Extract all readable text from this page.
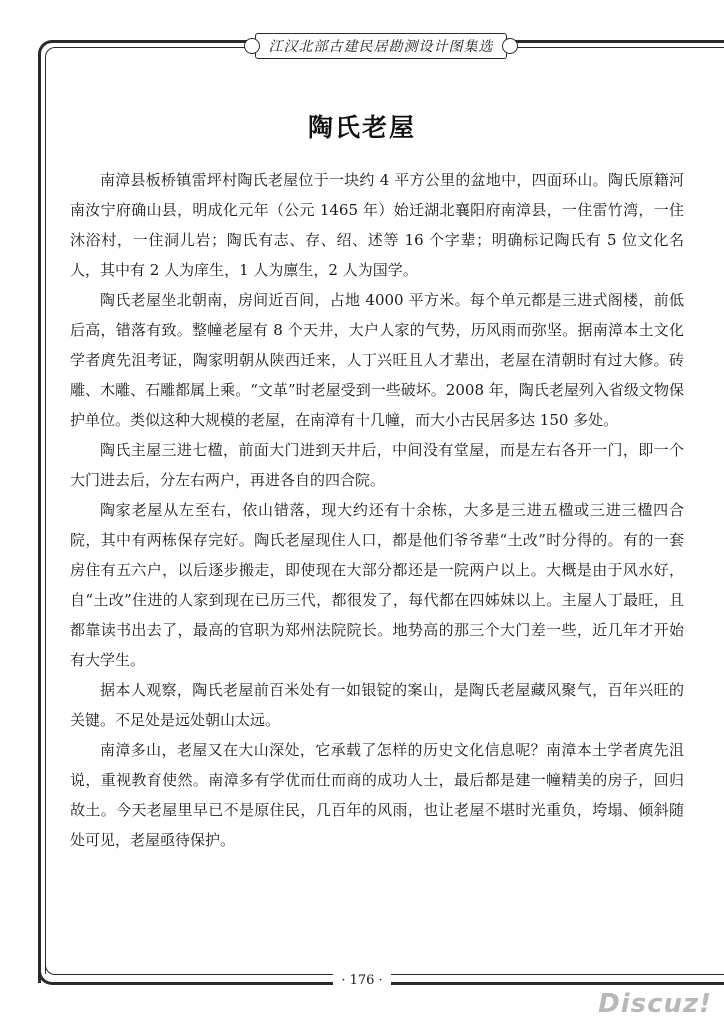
江汉北部古建民居勘测设计图集选
陶氏老屋

南漳县板桥镇雷坪村陶氏老屋位于一块约 4 平方公里的盆地中，四面环山。陶氏原籍河南汝宁府确山县，明成化元年（公元 1465 年）始迁湖北襄阳府南漳县，一住雷竹湾，一住沐浴村，一住洞儿岩；陶氏有志、存、绍、述等 16 个字辈；明确标记陶氏有 5 位文化名人，其中有 2 人为庠生，1 人为廪生，2 人为国学。

陶氏老屋坐北朝南，房间近百间，占地 4000 平方米。每个单元都是三进式阁楼，前低后高，错落有致。整幢老屋有 8 个天井，大户人家的气势，历风雨而弥坚。据南漳本土文化学者庹先沮考证，陶家明朝从陕西迁来，人丁兴旺且人才辈出，老屋在清朝时有过大修。砖雕、木雕、石雕都属上乘。“文革”时老屋受到一些破坏。2008 年，陶氏老屋列入省级文物保护单位。类似这种大规模的老屋，在南漳有十几幢，而大小古民居多达 150 多处。

陶氏主屋三进七楹，前面大门进到天井后，中间没有堂屋，而是左右各开一门，即一个大门进去后，分左右两户，再进各自的四合院。

陶家老屋从左至右，依山错落，现大约还有十余栋，大多是三进五楹或三进三楹四合院，其中有两栋保存完好。陶氏老屋现住人口，都是他们爷爷辈“土改”时分得的。有的一套房住有五六户，以后逐步搬走，即使现在大部分都还是一院两户以上。大概是由于风水好，自“土改”住进的人家到现在已历三代，都很发了，每代都在四姊妹以上。主屋人丁最旺，且都靠读书出去了，最高的官职为郑州法院院长。地势高的那三个大门差一些，近几年才开始有大学生。

据本人观察，陶氏老屋前百米处有一如银锭的案山，是陶氏老屋藏风聚气，百年兴旺的关键。不足处是远处朝山太远。

南漳多山，老屋又在大山深处，它承载了怎样的历史文化信息呢？南漳本土学者庹先沮说，重视教育使然。南漳多有学优而仕而商的成功人士，最后都是建一幢精美的房子，回归故土。今天老屋里早已不是原住民，几百年的风雨，也让老屋不堪时光重负，垮塌、倾斜随处可见，老屋亟待保护。

· 176 ·
Discuz!
